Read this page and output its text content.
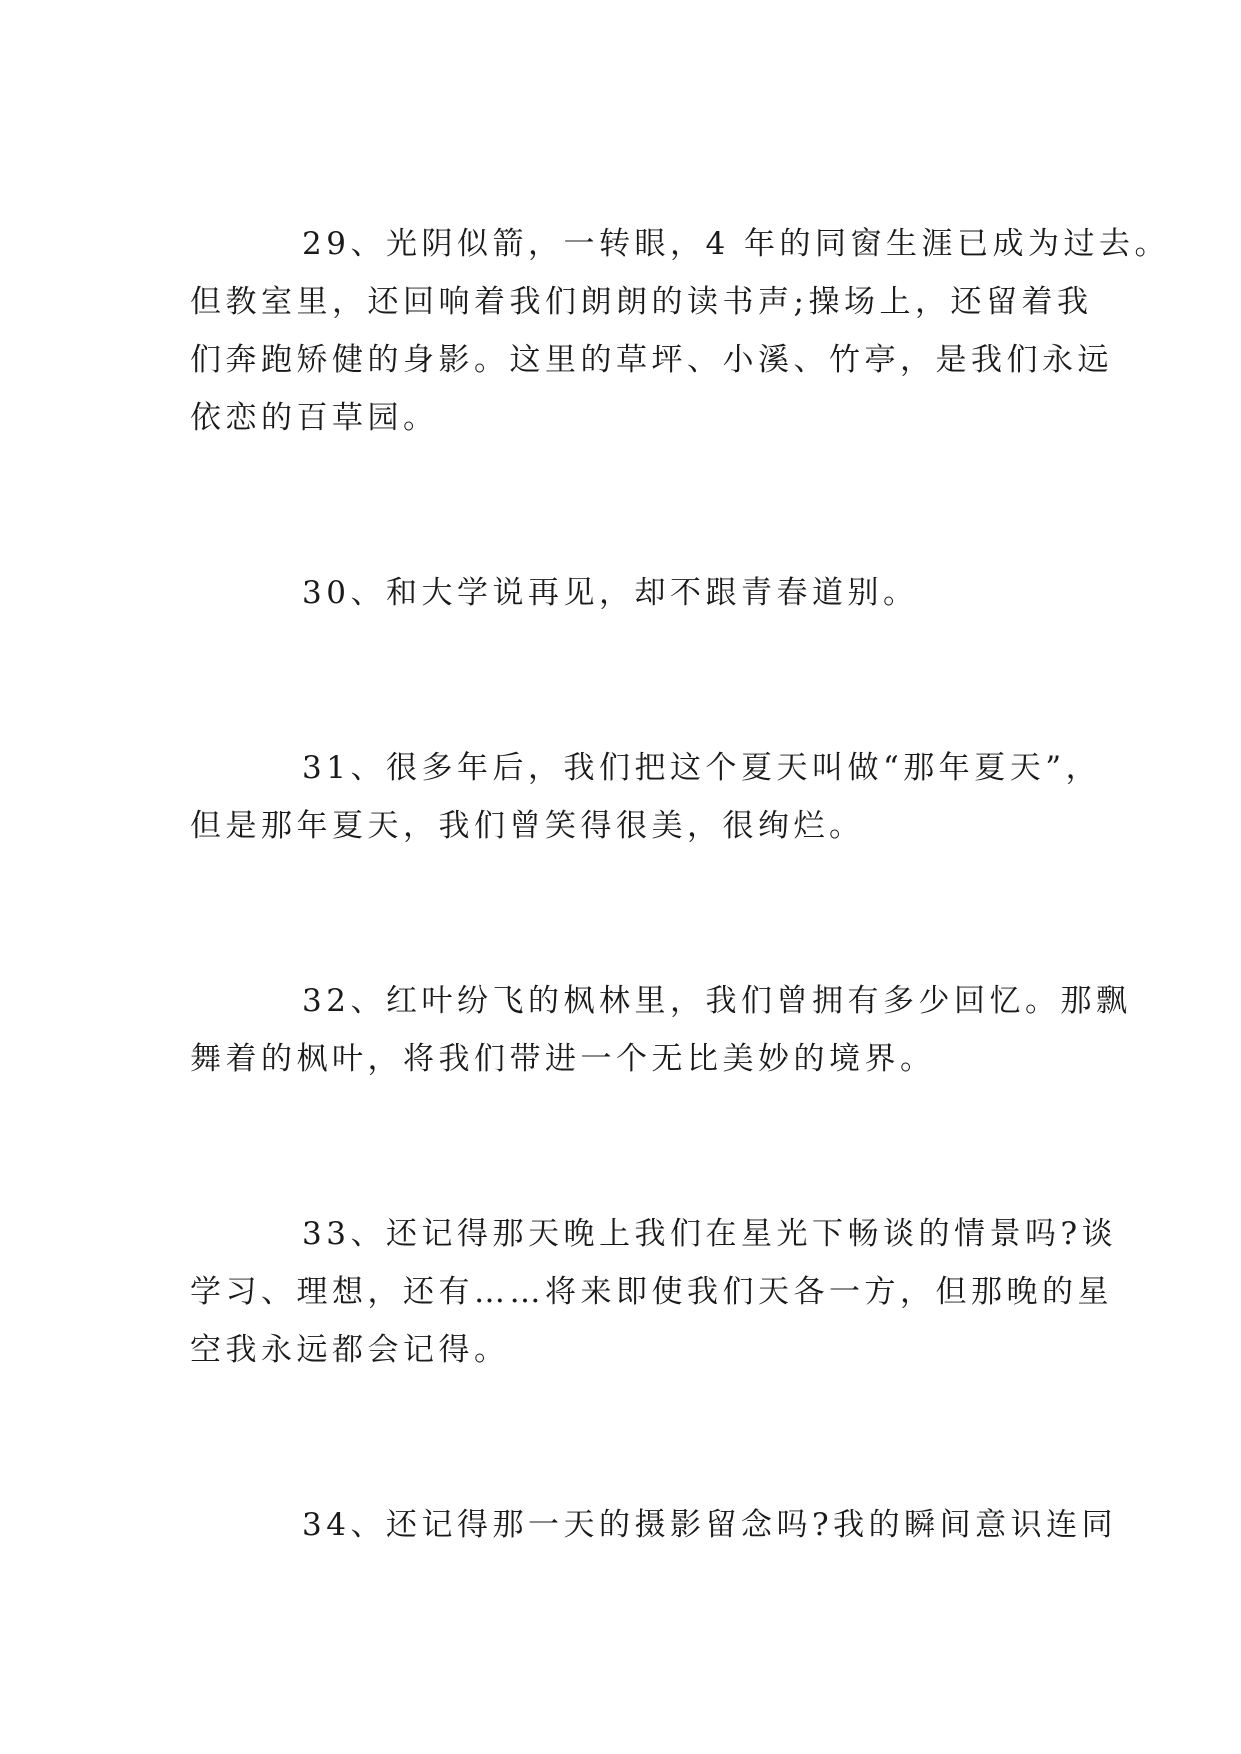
29、光阴似箭，一转眼，4 年的同窗生涯已成为过去。

但教室里，还回响着我们朗朗的读书声;操场上，还留着我

们奔跑矫健的身影。这里的草坪、小溪、竹亭，是我们永远

依恋的百草园。

30、和大学说再见，却不跟青春道别。

31、很多年后，我们把这个夏天叫做“那年夏天”，

但是那年夏天，我们曾笑得很美，很绚烂。

32、红叶纷飞的枫林里，我们曾拥有多少回忆。那飘

舞着的枫叶，将我们带进一个无比美妙的境界。

33、还记得那天晚上我们在星光下畅谈的情景吗?谈

学习、理想，还有……将来即使我们天各一方，但那晚的星

空我永远都会记得。

34、还记得那一天的摄影留念吗?我的瞬间意识连同
